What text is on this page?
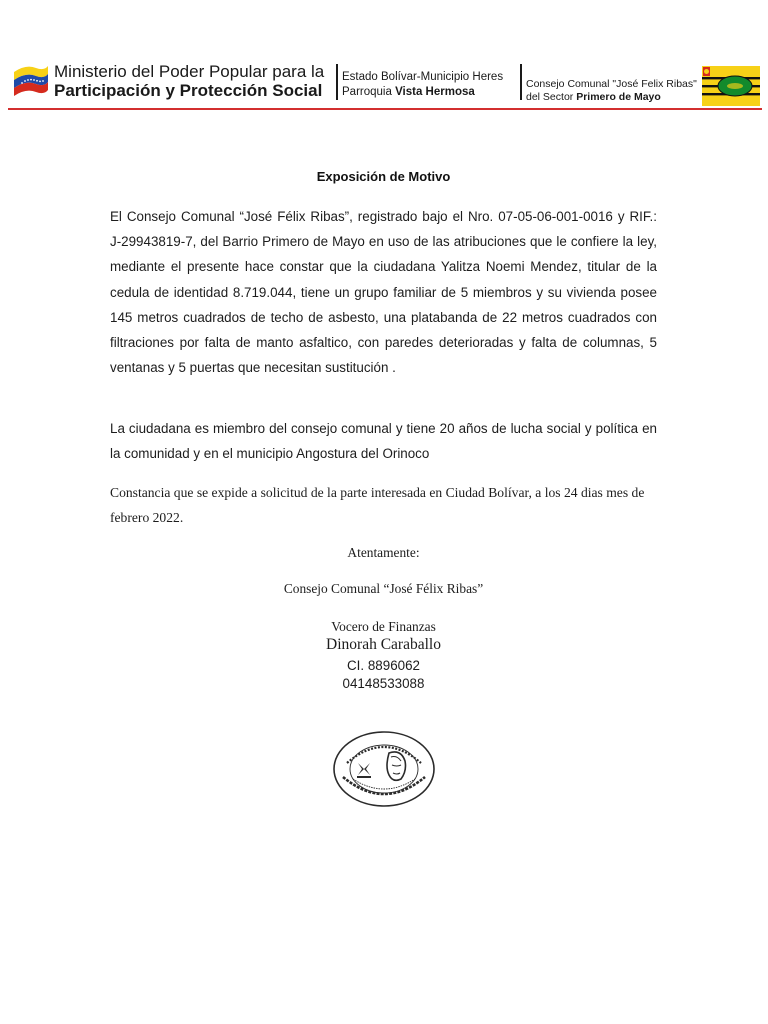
Ministerio del Poder Popular para la
Participación y Protección Social
Estado Bolívar-Municipio Heres
Parroquia Vista Hermosa
Consejo Comunal "José Felix Ribas"
del Sector Primero de Mayo
Exposición de Motivo

El Consejo Comunal “José Félix Ribas”, registrado bajo el Nro. 07-05-06-001-0016 y RIF.: J-29943819-7, del Barrio Primero de Mayo en uso de las atribuciones que le confiere la ley, mediante el presente hace constar que la ciudadana Yalitza Noemi Mendez, titular de la cedula de identidad 8.719.044, tiene un grupo familiar de 5 miembros y su vivienda posee 145 metros cuadrados de techo de asbesto, una platabanda de 22 metros cuadrados con filtraciones por falta de manto asfaltico, con paredes deterioradas y falta de columnas, 5 ventanas y 5 puertas que necesitan sustitución .

La ciudadana es miembro del consejo comunal y tiene 20 años de lucha social y política en la comunidad y en el municipio Angostura del Orinoco

Constancia que se expide a solicitud de la parte interesada en Ciudad Bolívar, a los 24 dias mes de febrero 2022.

Atentamente:

Consejo Comunal “José Félix Ribas”

Vocero de Finanzas

Dinorah Caraballo

CI. 8896062

04148533088
